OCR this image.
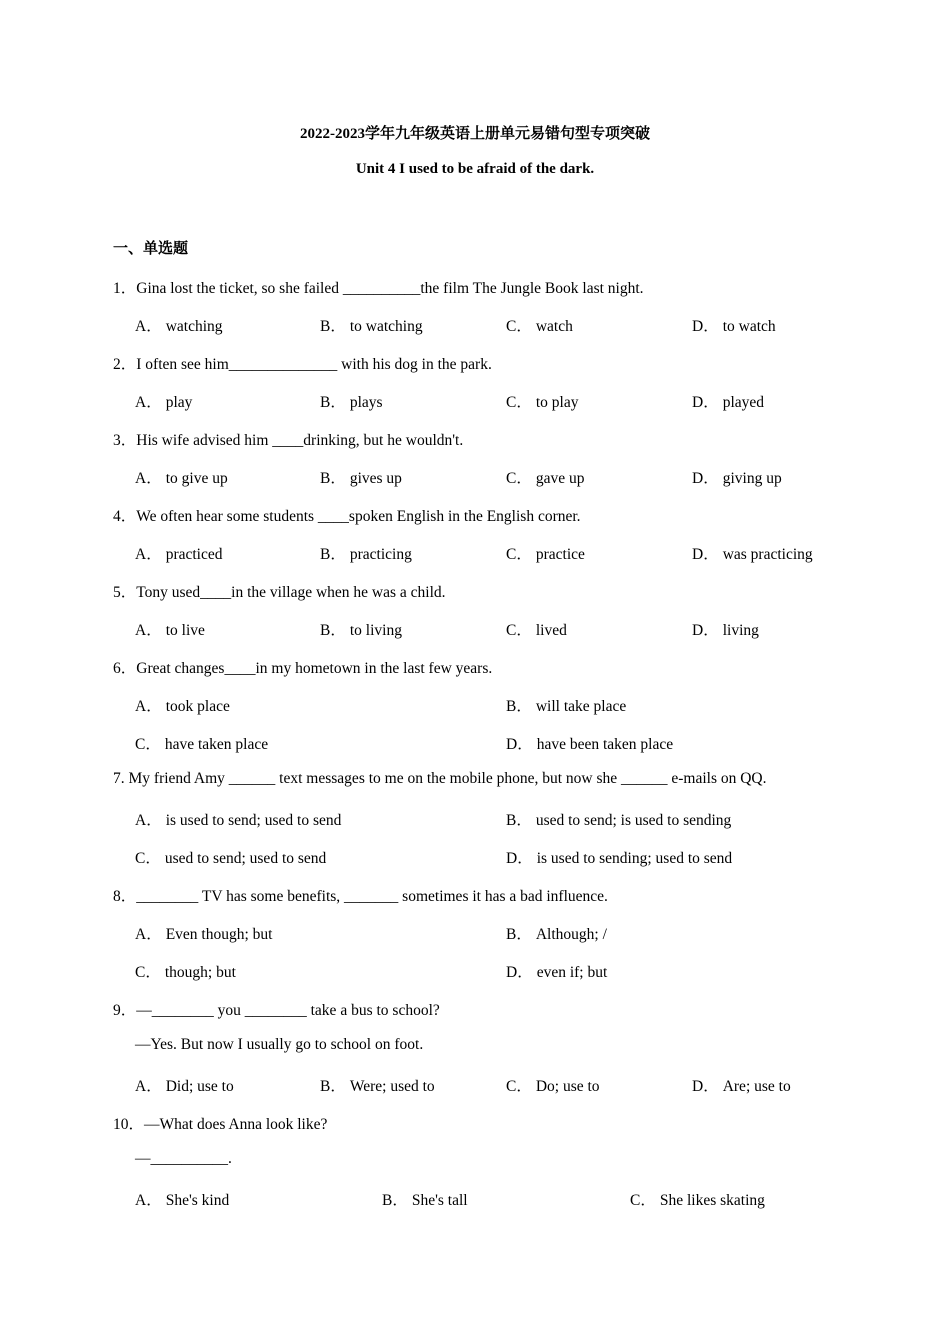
2022-2023学年九年级英语上册单元易错句型专项突破
Unit 4 I used to be afraid of the dark.
一、单选题
1．Gina lost the ticket, so she failed __________the film The Jungle Book last night.
A． watching	B． to watching	C． watch	D． to watch
2．I often see him______________ with his dog in the park.
A． play	B． plays	C． to play	D． played
3．His wife advised him ____drinking, but he wouldn't.
A． to give up	B． gives up	C． gave up	D． giving up
4．We often hear some students ____spoken English in the English corner.
A． practiced	B． practicing	C． practice	D． was practicing
5．Tony used____in the village when he was a child.
A． to live	B． to living	C． lived	D． living
6．Great changes____in my hometown in the last few years.
A． took place	B． will take place
C． have taken place	D． have been taken place
7. My friend Amy ______ text messages to me on the mobile phone, but now she ______ e-mails on QQ.
A． is used to send; used to send	B． used to send; is used to sending
C． used to send; used to send	D． is used to sending; used to send
8．________ TV has some benefits, _______ sometimes it has a bad influence.
A． Even though; but	B． Although; /
C． though; but	D． even if; but
9．—________ you ________ take a bus to school?
—Yes. But now I usually go to school on foot.
A． Did; use to	B． Were; used to	C． Do; use to	D． Are; use to
10．—What does Anna look like?
—__________.
A． She's kind	B． She's tall	C． She likes skating
